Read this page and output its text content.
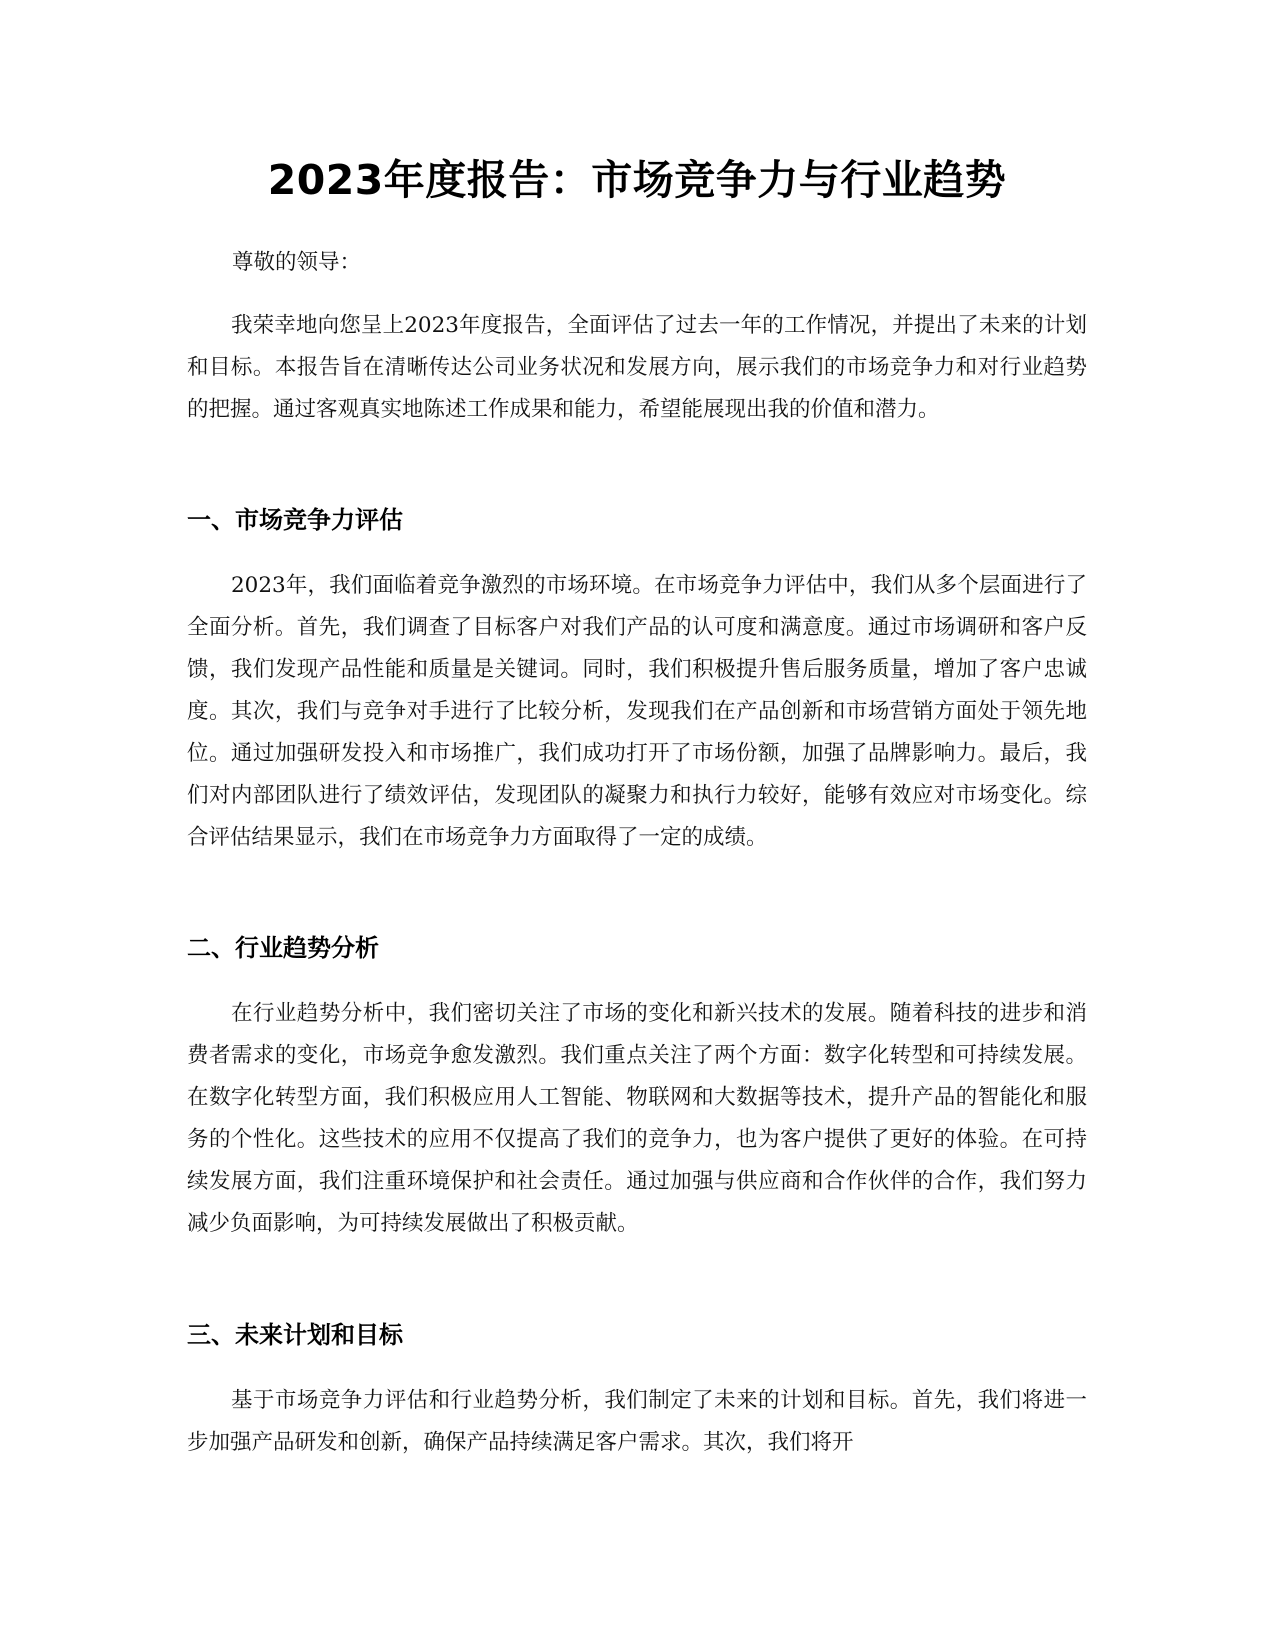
2023年度报告：市场竞争力与行业趋势

尊敬的领导：

我荣幸地向您呈上2023年度报告，全面评估了过去一年的工作情况，并提出了未来的计划和目标。本报告旨在清晰传达公司业务状况和发展方向，展示我们的市场竞争力和对行业趋势的把握。通过客观真实地陈述工作成果和能力，希望能展现出我的价值和潜力。

一、市场竞争力评估

2023年，我们面临着竞争激烈的市场环境。在市场竞争力评估中，我们从多个层面进行了全面分析。首先，我们调查了目标客户对我们产品的认可度和满意度。通过市场调研和客户反馈，我们发现产品性能和质量是关键词。同时，我们积极提升售后服务质量，增加了客户忠诚度。其次，我们与竞争对手进行了比较分析，发现我们在产品创新和市场营销方面处于领先地位。通过加强研发投入和市场推广，我们成功打开了市场份额，加强了品牌影响力。最后，我们对内部团队进行了绩效评估，发现团队的凝聚力和执行力较好，能够有效应对市场变化。综合评估结果显示，我们在市场竞争力方面取得了一定的成绩。

二、行业趋势分析

在行业趋势分析中，我们密切关注了市场的变化和新兴技术的发展。随着科技的进步和消费者需求的变化，市场竞争愈发激烈。我们重点关注了两个方面：数字化转型和可持续发展。在数字化转型方面，我们积极应用人工智能、物联网和大数据等技术，提升产品的智能化和服务的个性化。这些技术的应用不仅提高了我们的竞争力，也为客户提供了更好的体验。在可持续发展方面，我们注重环境保护和社会责任。通过加强与供应商和合作伙伴的合作，我们努力减少负面影响，为可持续发展做出了积极贡献。

三、未来计划和目标

基于市场竞争力评估和行业趋势分析，我们制定了未来的计划和目标。首先，我们将进一步加强产品研发和创新，确保产品持续满足客户需求。其次，我们将开
